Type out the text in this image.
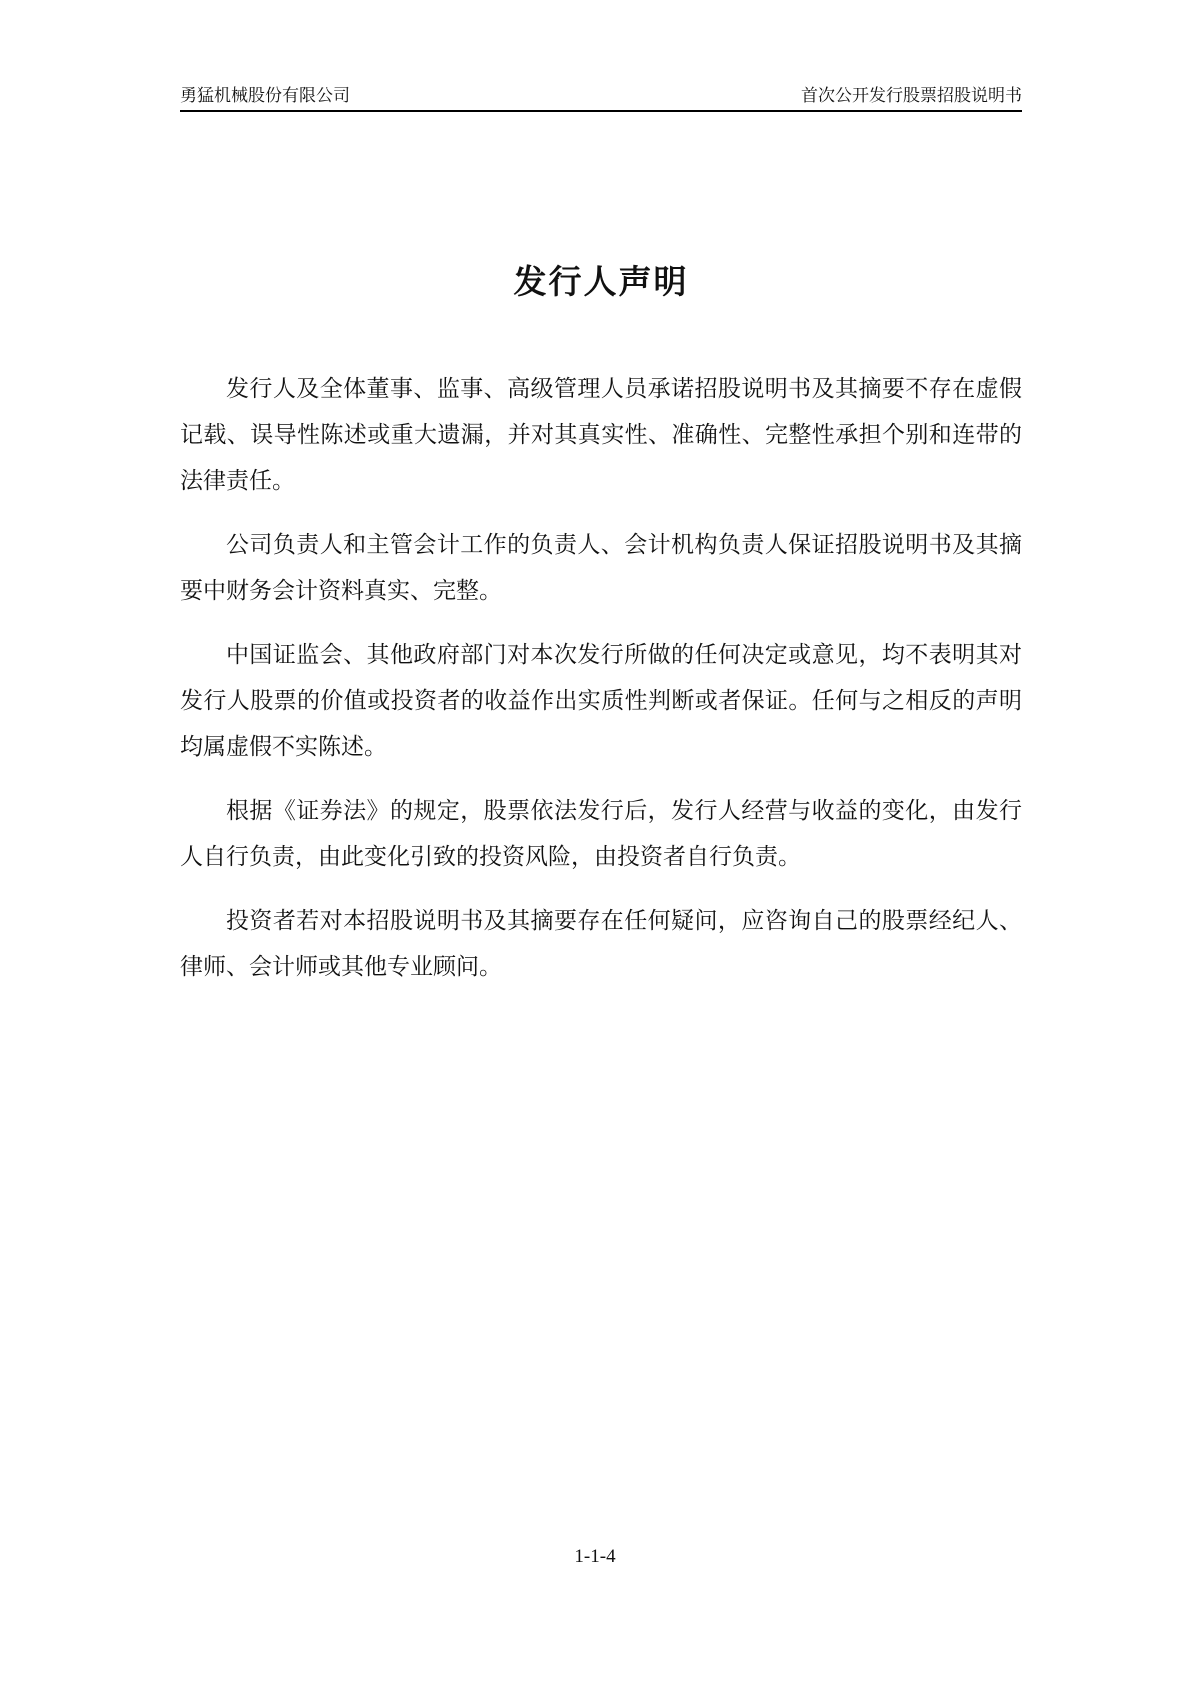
勇猛机械股份有限公司	首次公开发行股票招股说明书
发行人声明

发行人及全体董事、监事、高级管理人员承诺招股说明书及其摘要不存在虚假记载、误导性陈述或重大遗漏，并对其真实性、准确性、完整性承担个别和连带的法律责任。

公司负责人和主管会计工作的负责人、会计机构负责人保证招股说明书及其摘要中财务会计资料真实、完整。

中国证监会、其他政府部门对本次发行所做的任何决定或意见，均不表明其对发行人股票的价值或投资者的收益作出实质性判断或者保证。任何与之相反的声明均属虚假不实陈述。

根据《证券法》的规定，股票依法发行后，发行人经营与收益的变化，由发行人自行负责，由此变化引致的投资风险，由投资者自行负责。

投资者若对本招股说明书及其摘要存在任何疑问，应咨询自己的股票经纪人、律师、会计师或其他专业顾问。

1-1-4
